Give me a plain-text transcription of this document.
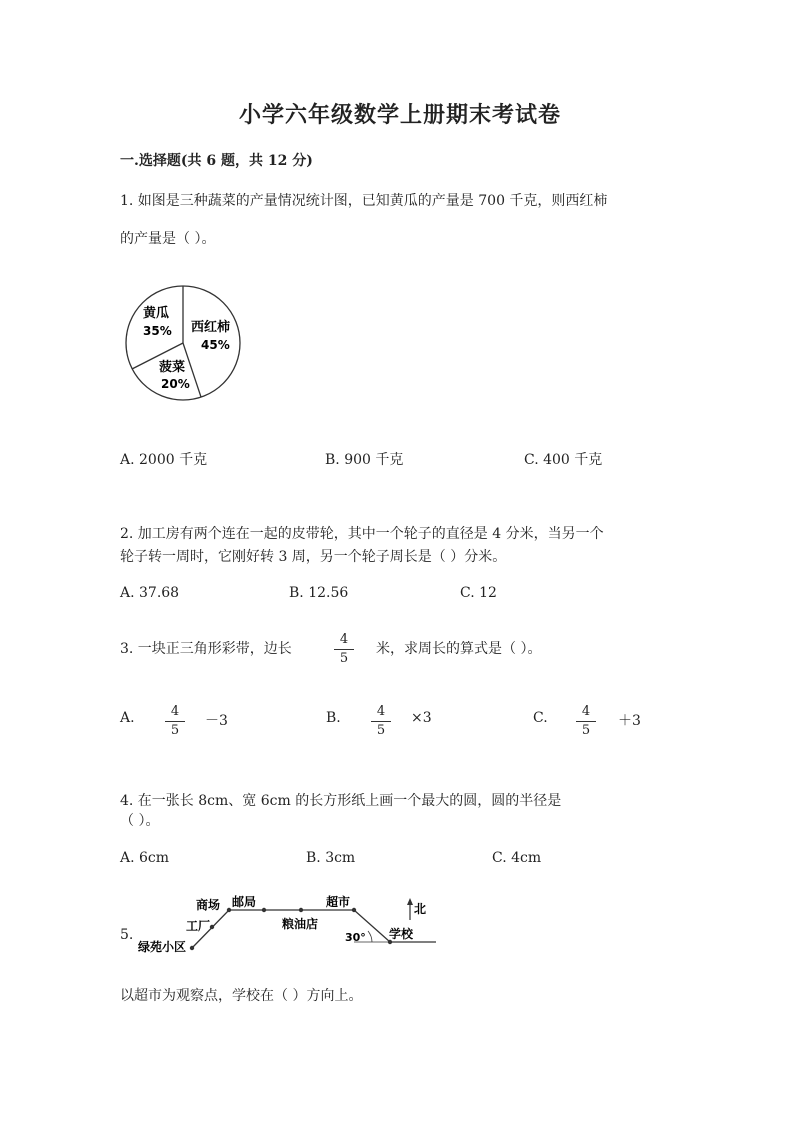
小学六年级数学上册期末考试卷
一.选择题(共 6 题，共 12 分)
1. 如图是三种蔬菜的产量情况统计图，已知黄瓜的产量是 700 千克，则西红柿
的产量是（ ）。
黄瓜
35% 西红柿
45%
菠菜
20%
A. 2000 千克	B. 900 千克	C. 400 千克
2. 加工房有两个连在一起的皮带轮，其中一个轮子的直径是 4 分米，当另一个
轮子转一周时，它刚好转 3 周，另一个轮子周长是（ ）分米。
A. 37.68	B. 12.56	C. 12
3. 一块正三角形彩带，边长	$\frac{4}{5}$ 米，求周长的算式是（ ）。
A. $\frac{4}{5} -3$	B. $\frac{4}{5} \times 3$	C. $\frac{4}{5} +3$
4. 在一张长 8cm、宽 6cm 的长方形纸上画一个最大的圆，圆的半径是
（ ）。
A. 6cm	B. 3cm	C. 4cm
5.
商场 邮局	超市
工厂	粮油店
绿苑小区
学校
30°
北
以超市为观察点，学校在（ ）方向上。
